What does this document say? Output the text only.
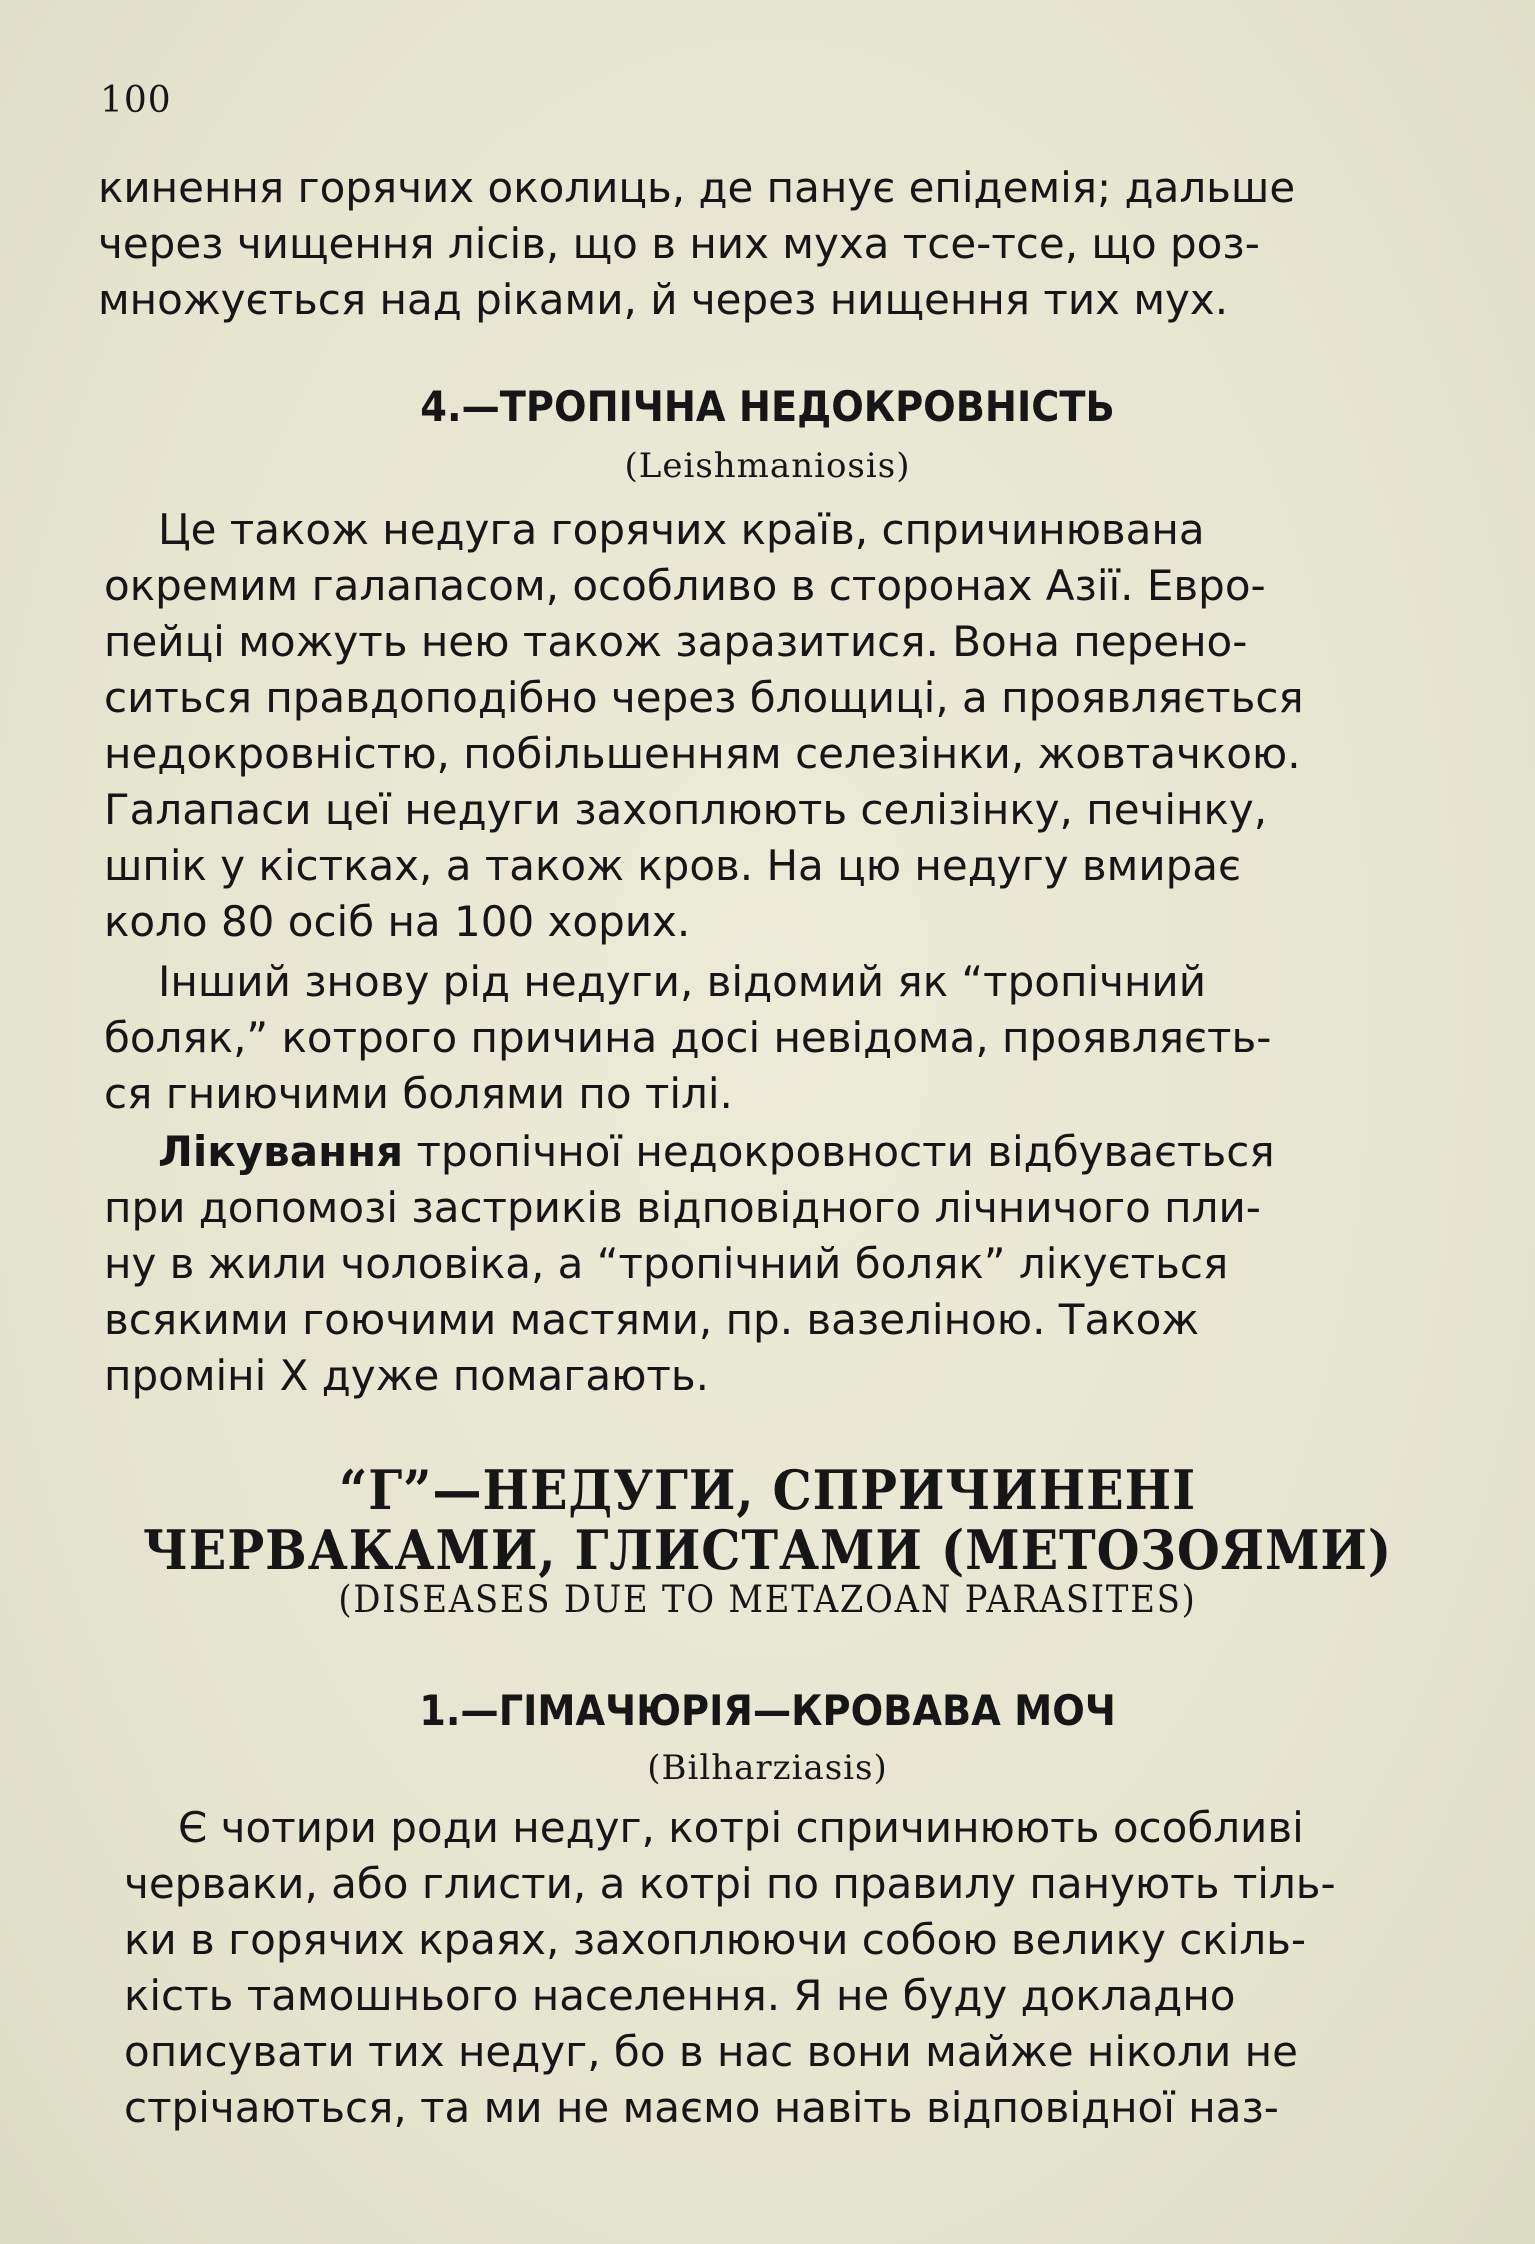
100
кинення горячих околиць, де панує епідемія; дальше
через чищення лісів, що в них муха тсе-тсе, що роз-
множується над ріками, й через нищення тих мух.
4.—ТРОПІЧНА НЕДОКРОВНІСТЬ
(Leishmaniosis)
Це також недуга горячих країв, спричинювана
окремим галапасом, особливо в сторонах Азії. Евро-
пейці можуть нею також заразитися. Вона перено-
ситься правдоподібно через блощиці, а проявляється
недокровністю, побільшенням селезінки, жовтачкою.
Галапаси цеї недуги захоплюють селізінку, печінку,
шпік у кістках, а також кров. На цю недугу вмирає
коло 80 осіб на 100 хорих.
Інший знову рід недуги, відомий як “тропічний
боляк,” котрого причина досі невідома, проявляєть-
ся гниючими болями по тілі.
Лікування тропічної недокровности відбувається
при допомозі застриків відповідного лічничого пли-
ну в жили чоловіка, а “тропічний боляк” лікується
всякими гоючими мастями, пр. вазеліною. Також
проміні X дуже помагають.
“Г”—НЕДУГИ, СПРИЧИНЕНІ
ЧЕРВАКАМИ, ГЛИСТАМИ (МЕТОЗОЯМИ)
(DISEASES DUE TO METAZOAN PARASITES)
1.—ГІМАЧЮРІЯ—КРОВАВА МОЧ
(Bilharziasis)
Є чотири роди недуг, котрі спричинюють особливі
черваки, або глисти, а котрі по правилу панують тіль-
ки в горячих краях, захоплюючи собою велику скіль-
кість тамошнього населення. Я не буду докладно
описувати тих недуг, бо в нас вони майже ніколи не
стрічаються, та ми не маємо навіть відповідної наз-
